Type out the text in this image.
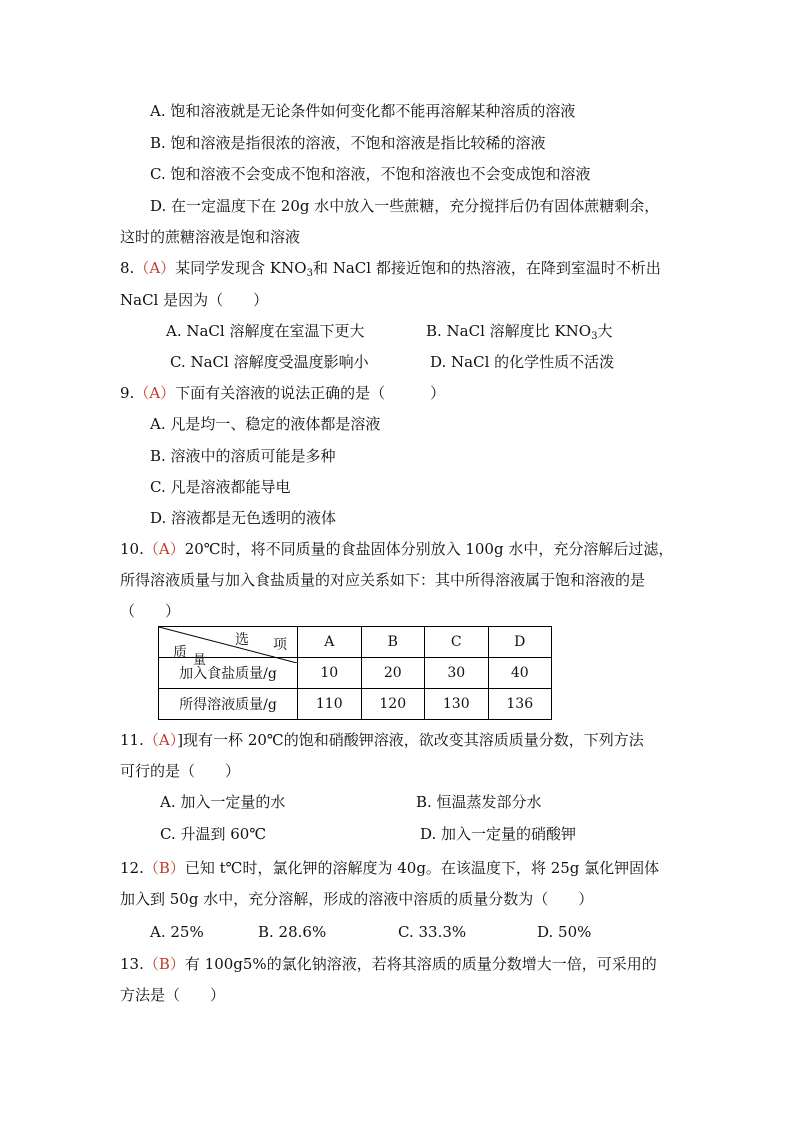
A. 饱和溶液就是无论条件如何变化都不能再溶解某种溶质的溶液
B. 饱和溶液是指很浓的溶液，不饱和溶液是指比较稀的溶液
C. 饱和溶液不会变成不饱和溶液，不饱和溶液也不会变成饱和溶液
D. 在一定温度下在 20g 水中放入一些蔗糖，充分搅拌后仍有固体蔗糖剩余，
这时的蔗糖溶液是饱和溶液
8.（A）某同学发现含 $KNO_3$和 NaCl 都接近饱和的热溶液，在降到室温时不析出
NaCl 是因为（　　）
A. NaCl 溶解度在室温下更大	B. NaCl 溶解度比 $KNO_3$大
C. NaCl 溶解度受温度影响小	D. NaCl 的化学性质不活泼
9.（A）下面有关溶液的说法正确的是（　　　）
A. 凡是均一、稳定的液体都是溶液
B. 溶液中的溶质可能是多种
C. 凡是溶液都能导电
D. 溶液都是无色透明的液体
10.（A）20℃时，将不同质量的食盐固体分别放入 100g 水中，充分溶解后过滤，
所得溶液质量与加入食盐质量的对应关系如下：其中所得溶液属于饱和溶液的是
（　　）
质 量
选 项	A	B	C	D
加入食盐质量/g	10	20	30	40
所得溶液质量/g	110	120	130	136
11.（A）]现有一杯 20℃的饱和硝酸钾溶液，欲改变其溶质质量分数，下列方法
可行的是（　　）
A. 加入一定量的水	B. 恒温蒸发部分水
C. 升温到 60℃	D. 加入一定量的硝酸钾
12.（B）已知 t℃时，氯化钾的溶解度为 40g。在该温度下，将 25g 氯化钾固体
加入到 50g 水中，充分溶解，形成的溶液中溶质的质量分数为（　　）
A. 25%	B. 28.6%	C. 33.3%	D. 50%
13.（B）有 100g5%的氯化钠溶液，若将其溶质的质量分数增大一倍，可采用的
方法是（　　）
